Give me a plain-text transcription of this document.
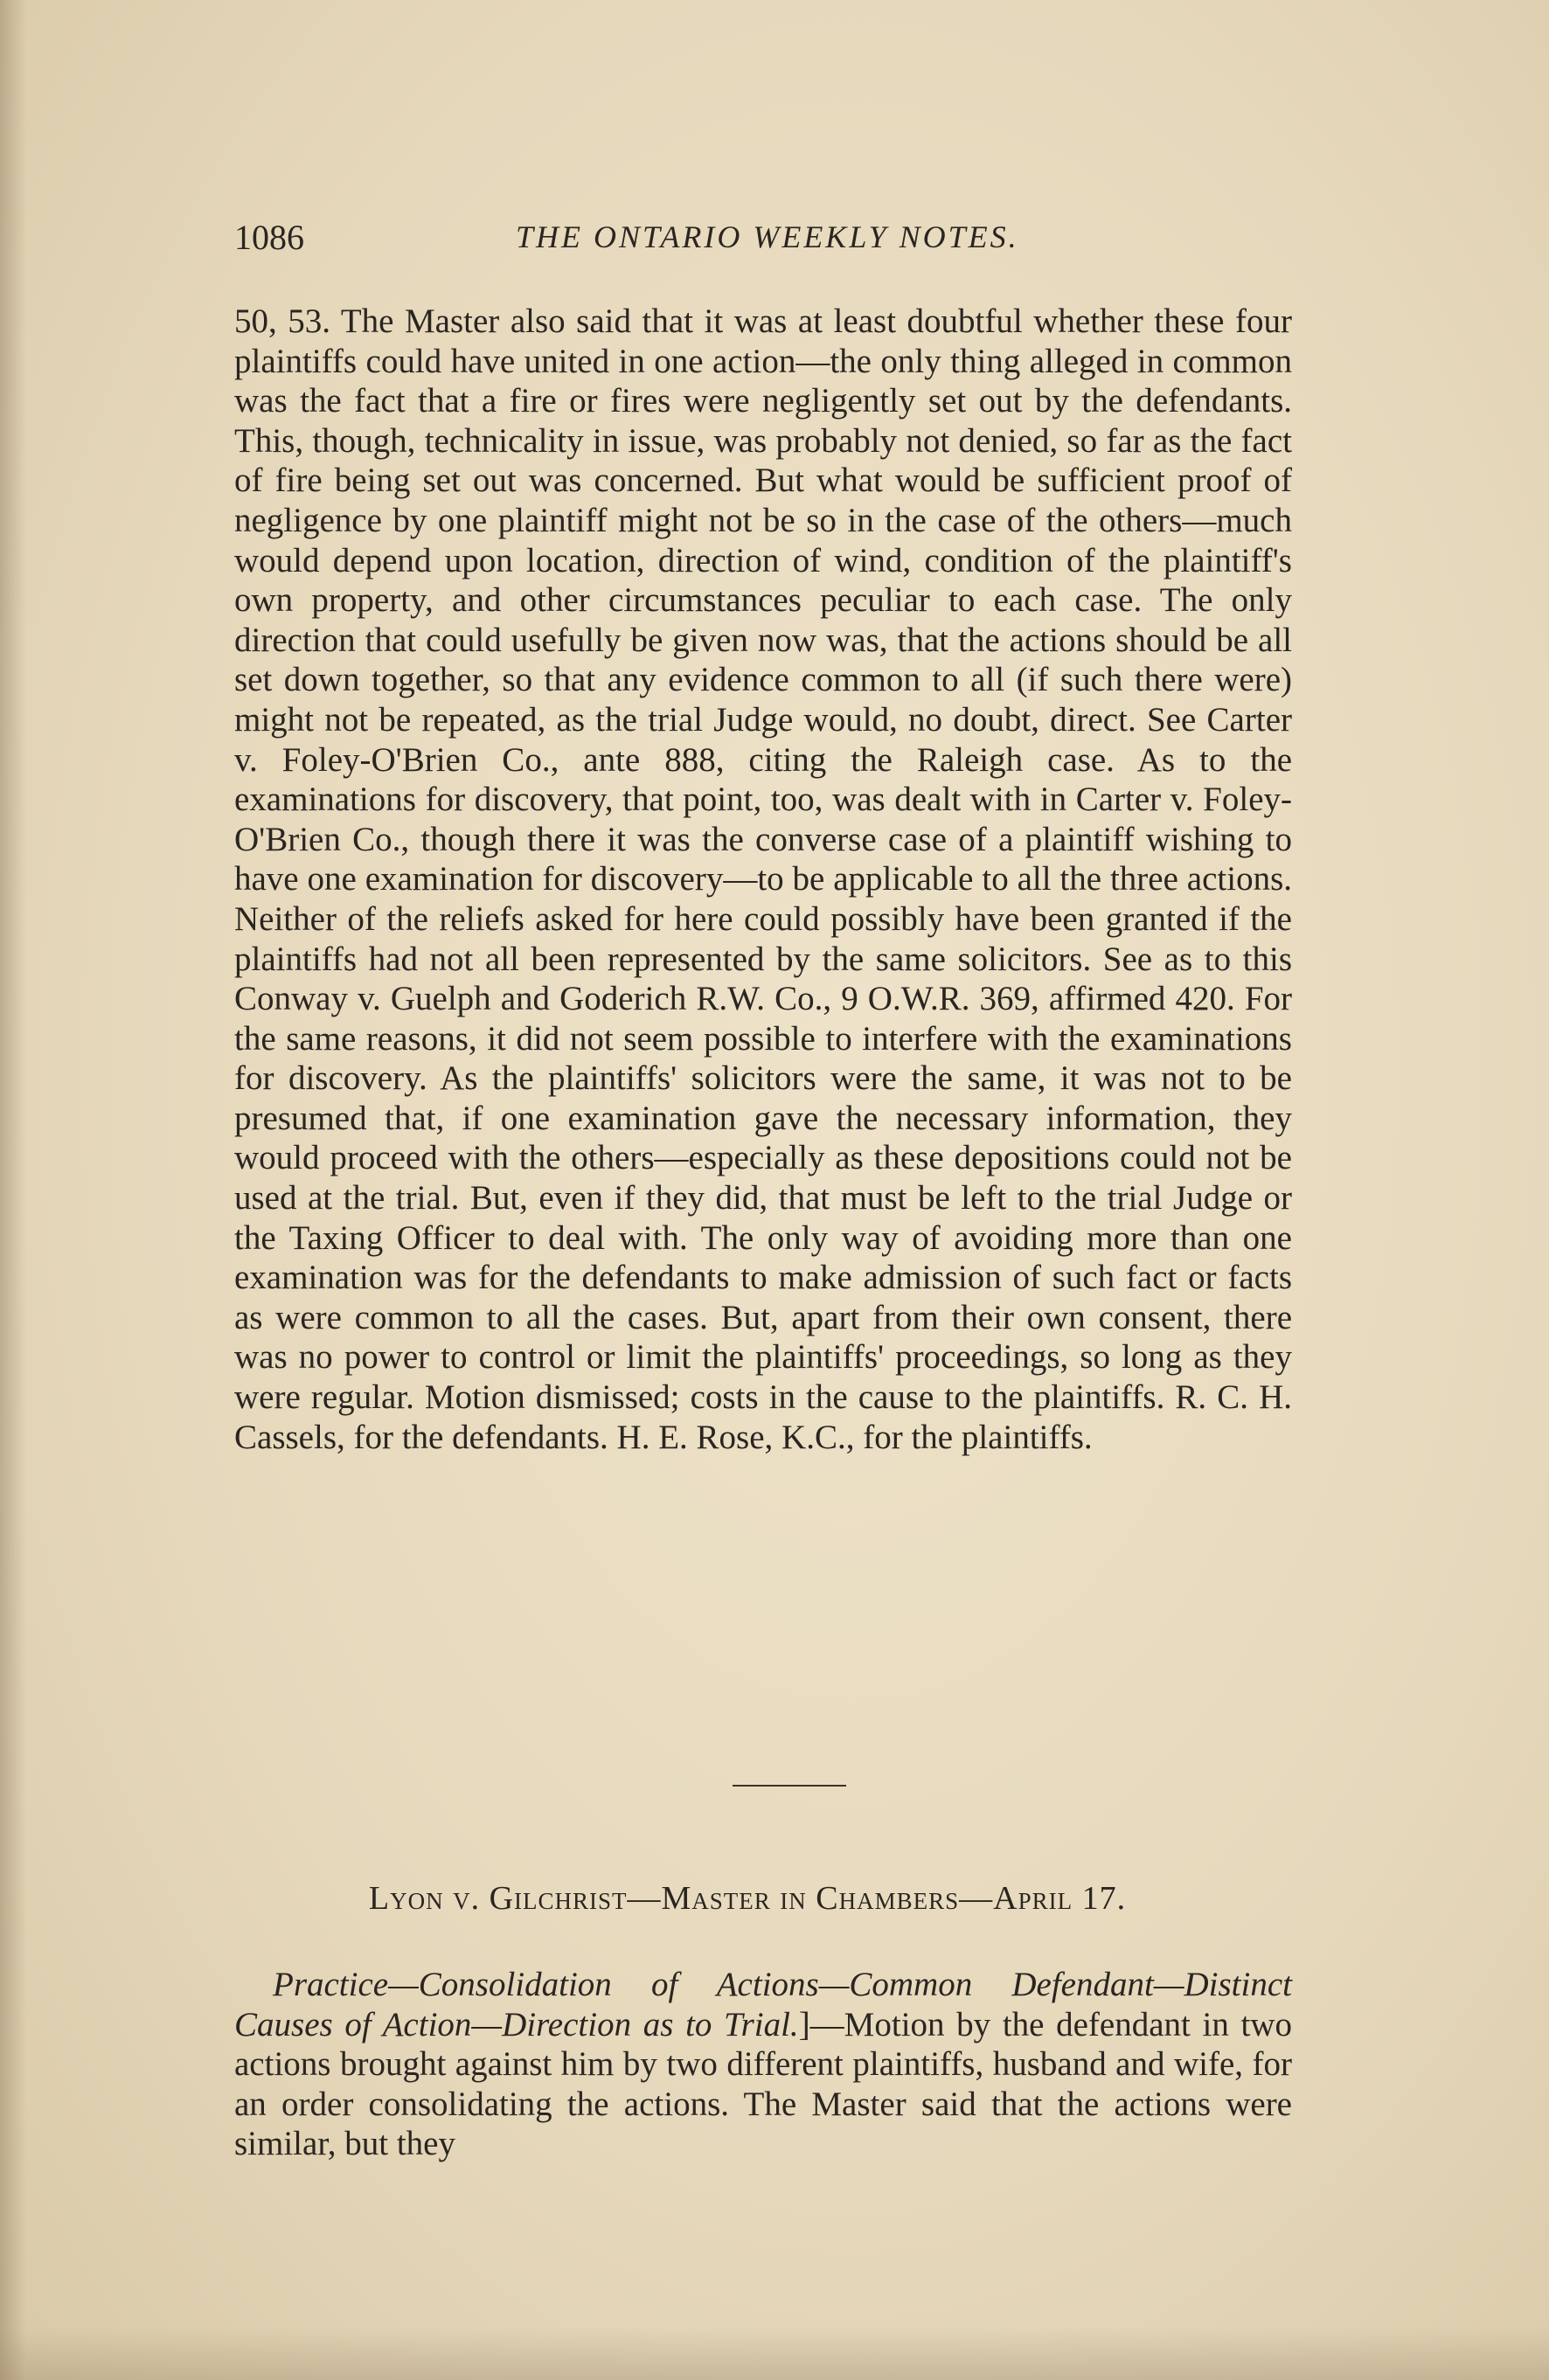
1086	THE ONTARIO WEEKLY NOTES.

50, 53. The Master also said that it was at least doubtful whether these four plaintiffs could have united in one action—the only thing alleged in common was the fact that a fire or fires were negligently set out by the defendants. This, though, technicality in issue, was probably not denied, so far as the fact of fire being set out was concerned. But what would be sufficient proof of negligence by one plaintiff might not be so in the case of the others—much would depend upon location, direction of wind, condition of the plaintiff's own property, and other circumstances peculiar to each case. The only direction that could usefully be given now was, that the actions should be all set down together, so that any evidence common to all (if such there were) might not be repeated, as the trial Judge would, no doubt, direct. See Carter v. Foley-O'Brien Co., ante 888, citing the Raleigh case. As to the examinations for discovery, that point, too, was dealt with in Carter v. Foley-O'Brien Co., though there it was the converse case of a plaintiff wishing to have one examination for discovery—to be applicable to all the three actions. Neither of the reliefs asked for here could possibly have been granted if the plaintiffs had not all been represented by the same solicitors. See as to this Conway v. Guelph and Goderich R.W. Co., 9 O.W.R. 369, affirmed 420. For the same reasons, it did not seem possible to interfere with the examinations for discovery. As the plaintiffs' solicitors were the same, it was not to be presumed that, if one examination gave the necessary information, they would proceed with the others—especially as these depositions could not be used at the trial. But, even if they did, that must be left to the trial Judge or the Taxing Officer to deal with. The only way of avoiding more than one examination was for the defendants to make admission of such fact or facts as were common to all the cases. But, apart from their own consent, there was no power to control or limit the plaintiffs' proceedings, so long as they were regular. Motion dismissed; costs in the cause to the plaintiffs. R. C. H. Cassels, for the defendants. H. E. Rose, K.C., for the plaintiffs.

Lyon v. Gilchrist—Master in Chambers—April 17.

Practice—Consolidation of Actions—Common Defendant—Distinct Causes of Action—Direction as to Trial.]—Motion by the defendant in two actions brought against him by two different plaintiffs, husband and wife, for an order consolidating the actions. The Master said that the actions were similar, but they
